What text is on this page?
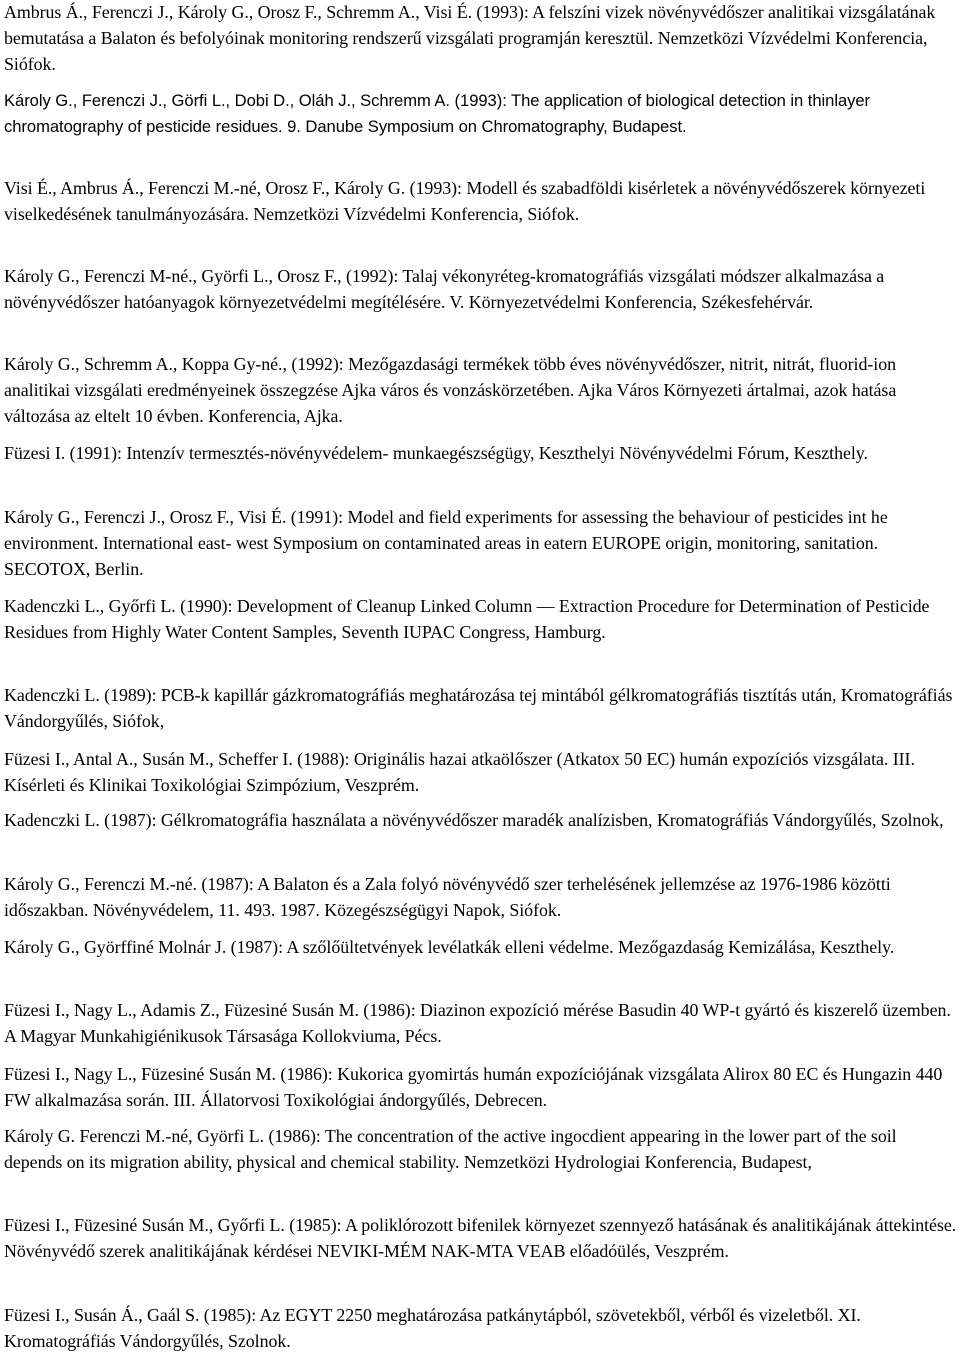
Ambrus Á., Ferenczi J., Károly G., Orosz F., Schremm A., Visi É. (1993): A felszíni vizek növényvédőszer analitikai vizsgálatának bemutatása a Balaton és befolyóinak monitoring rendszerű vizsgálati programján keresztül. Nemzetközi Vízvédelmi Konferencia, Siófok.

Károly G., Ferenczi J., Görfi L., Dobi D., Oláh J., Schremm A. (1993): The application of biological detection in thinlayer chromatography of pesticide residues. 9. Danube Symposium on Chromatography, Budapest.

Visi É., Ambrus Á., Ferenczi M.-né, Orosz F., Károly G. (1993): Modell és szabadföldi kisérletek a növényvédőszerek környezeti viselkedésének tanulmányozására. Nemzetközi Vízvédelmi Konferencia, Siófok.

Károly G., Ferenczi M-né., Györfi L., Orosz F., (1992): Talaj vékonyréteg-kromatográfiás vizsgálati módszer alkalmazása a növényvédőszer hatóanyagok környezetvédelmi megítélésére. V. Környezetvédelmi Konferencia, Székesfehérvár.

Károly G., Schremm A., Koppa Gy-né., (1992): Mezőgazdasági termékek több éves növényvédőszer, nitrit, nitrát, fluorid-ion analitikai vizsgálati eredményeinek összegzése Ajka város és vonzáskörzetében. Ajka Város Környezeti ártalmai, azok hatása változása az eltelt 10 évben. Konferencia, Ajka.

Füzesi I. (1991): Intenzív termesztés-növényvédelem- munkaegészségügy, Keszthelyi Növényvédelmi Fórum, Keszthely.

Károly G., Ferenczi J., Orosz F., Visi É. (1991): Model and field experiments for assessing the behaviour of pesticides int he environment. International east- west Symposium on contaminated areas in eatern EUROPE origin, monitoring, sanitation. SECOTOX, Berlin.

Kadenczki L., Győrfi L. (1990): Development of Cleanup Linked Column ― Extraction Procedure for Determination of Pesticide Residues from Highly Water Content Samples, Seventh IUPAC Congress, Hamburg.

Kadenczki L. (1989): PCB-k kapillár gázkromatográfiás meghatározása tej mintából gélkromatográfiás tisztítás után, Kromatográfiás Vándorgyűlés, Siófok,

Füzesi I., Antal A., Susán M., Scheffer I. (1988): Originális hazai atkaölőszer (Atkatox 50 EC) humán expozíciós vizsgálata. III. Kísérleti és Klinikai Toxikológiai Szimpózium, Veszprém.

Kadenczki L. (1987): Gélkromatográfia használata a növényvédőszer maradék analízisben, Kromatográfiás Vándorgyűlés, Szolnok,

Károly G., Ferenczi M.-né. (1987): A Balaton és a Zala folyó növényvédő szer terhelésének jellemzése az 1976-1986 közötti időszakban. Növényvédelem, 11. 493. 1987. Közegészségügyi Napok, Siófok.

Károly G., Györffiné Molnár J. (1987): A szőlőültetvények levélatkák elleni védelme. Mezőgazdaság Kemizálása, Keszthely.

Füzesi I., Nagy L., Adamis Z., Füzesiné Susán M. (1986): Diazinon expozíció mérése Basudin 40 WP-t gyártó és kiszerelő üzemben. A Magyar Munkahigiénikusok Társasága Kollokviuma, Pécs.

Füzesi I., Nagy L., Füzesiné Susán M. (1986): Kukorica gyomirtás humán expozíciójának vizsgálata Alirox 80 EC és Hungazin 440 FW alkalmazása során. III. Állatorvosi Toxikológiai ándorgyűlés, Debrecen.

Károly G. Ferenczi M.-né, Györfi L. (1986): The concentration of the active ingocdient appearing in the lower part of the soil depends on its migration ability, physical and chemical stability. Nemzetközi Hydrologiai Konferencia, Budapest,

Füzesi I., Füzesiné Susán M., Győrfi L. (1985): A poliklórozott bifenilek környezet szennyező hatásának és analitikájának áttekintése. Növényvédő szerek analitikájának kérdései NEVIKI-MÉM NAK-MTA VEAB előadóülés, Veszprém.

Füzesi I., Susán Á., Gaál S. (1985): Az EGYT 2250 meghatározása patkánytápból, szövetekből, vérből és vizeletből. XI. Kromatográfiás Vándorgyűlés, Szolnok.
